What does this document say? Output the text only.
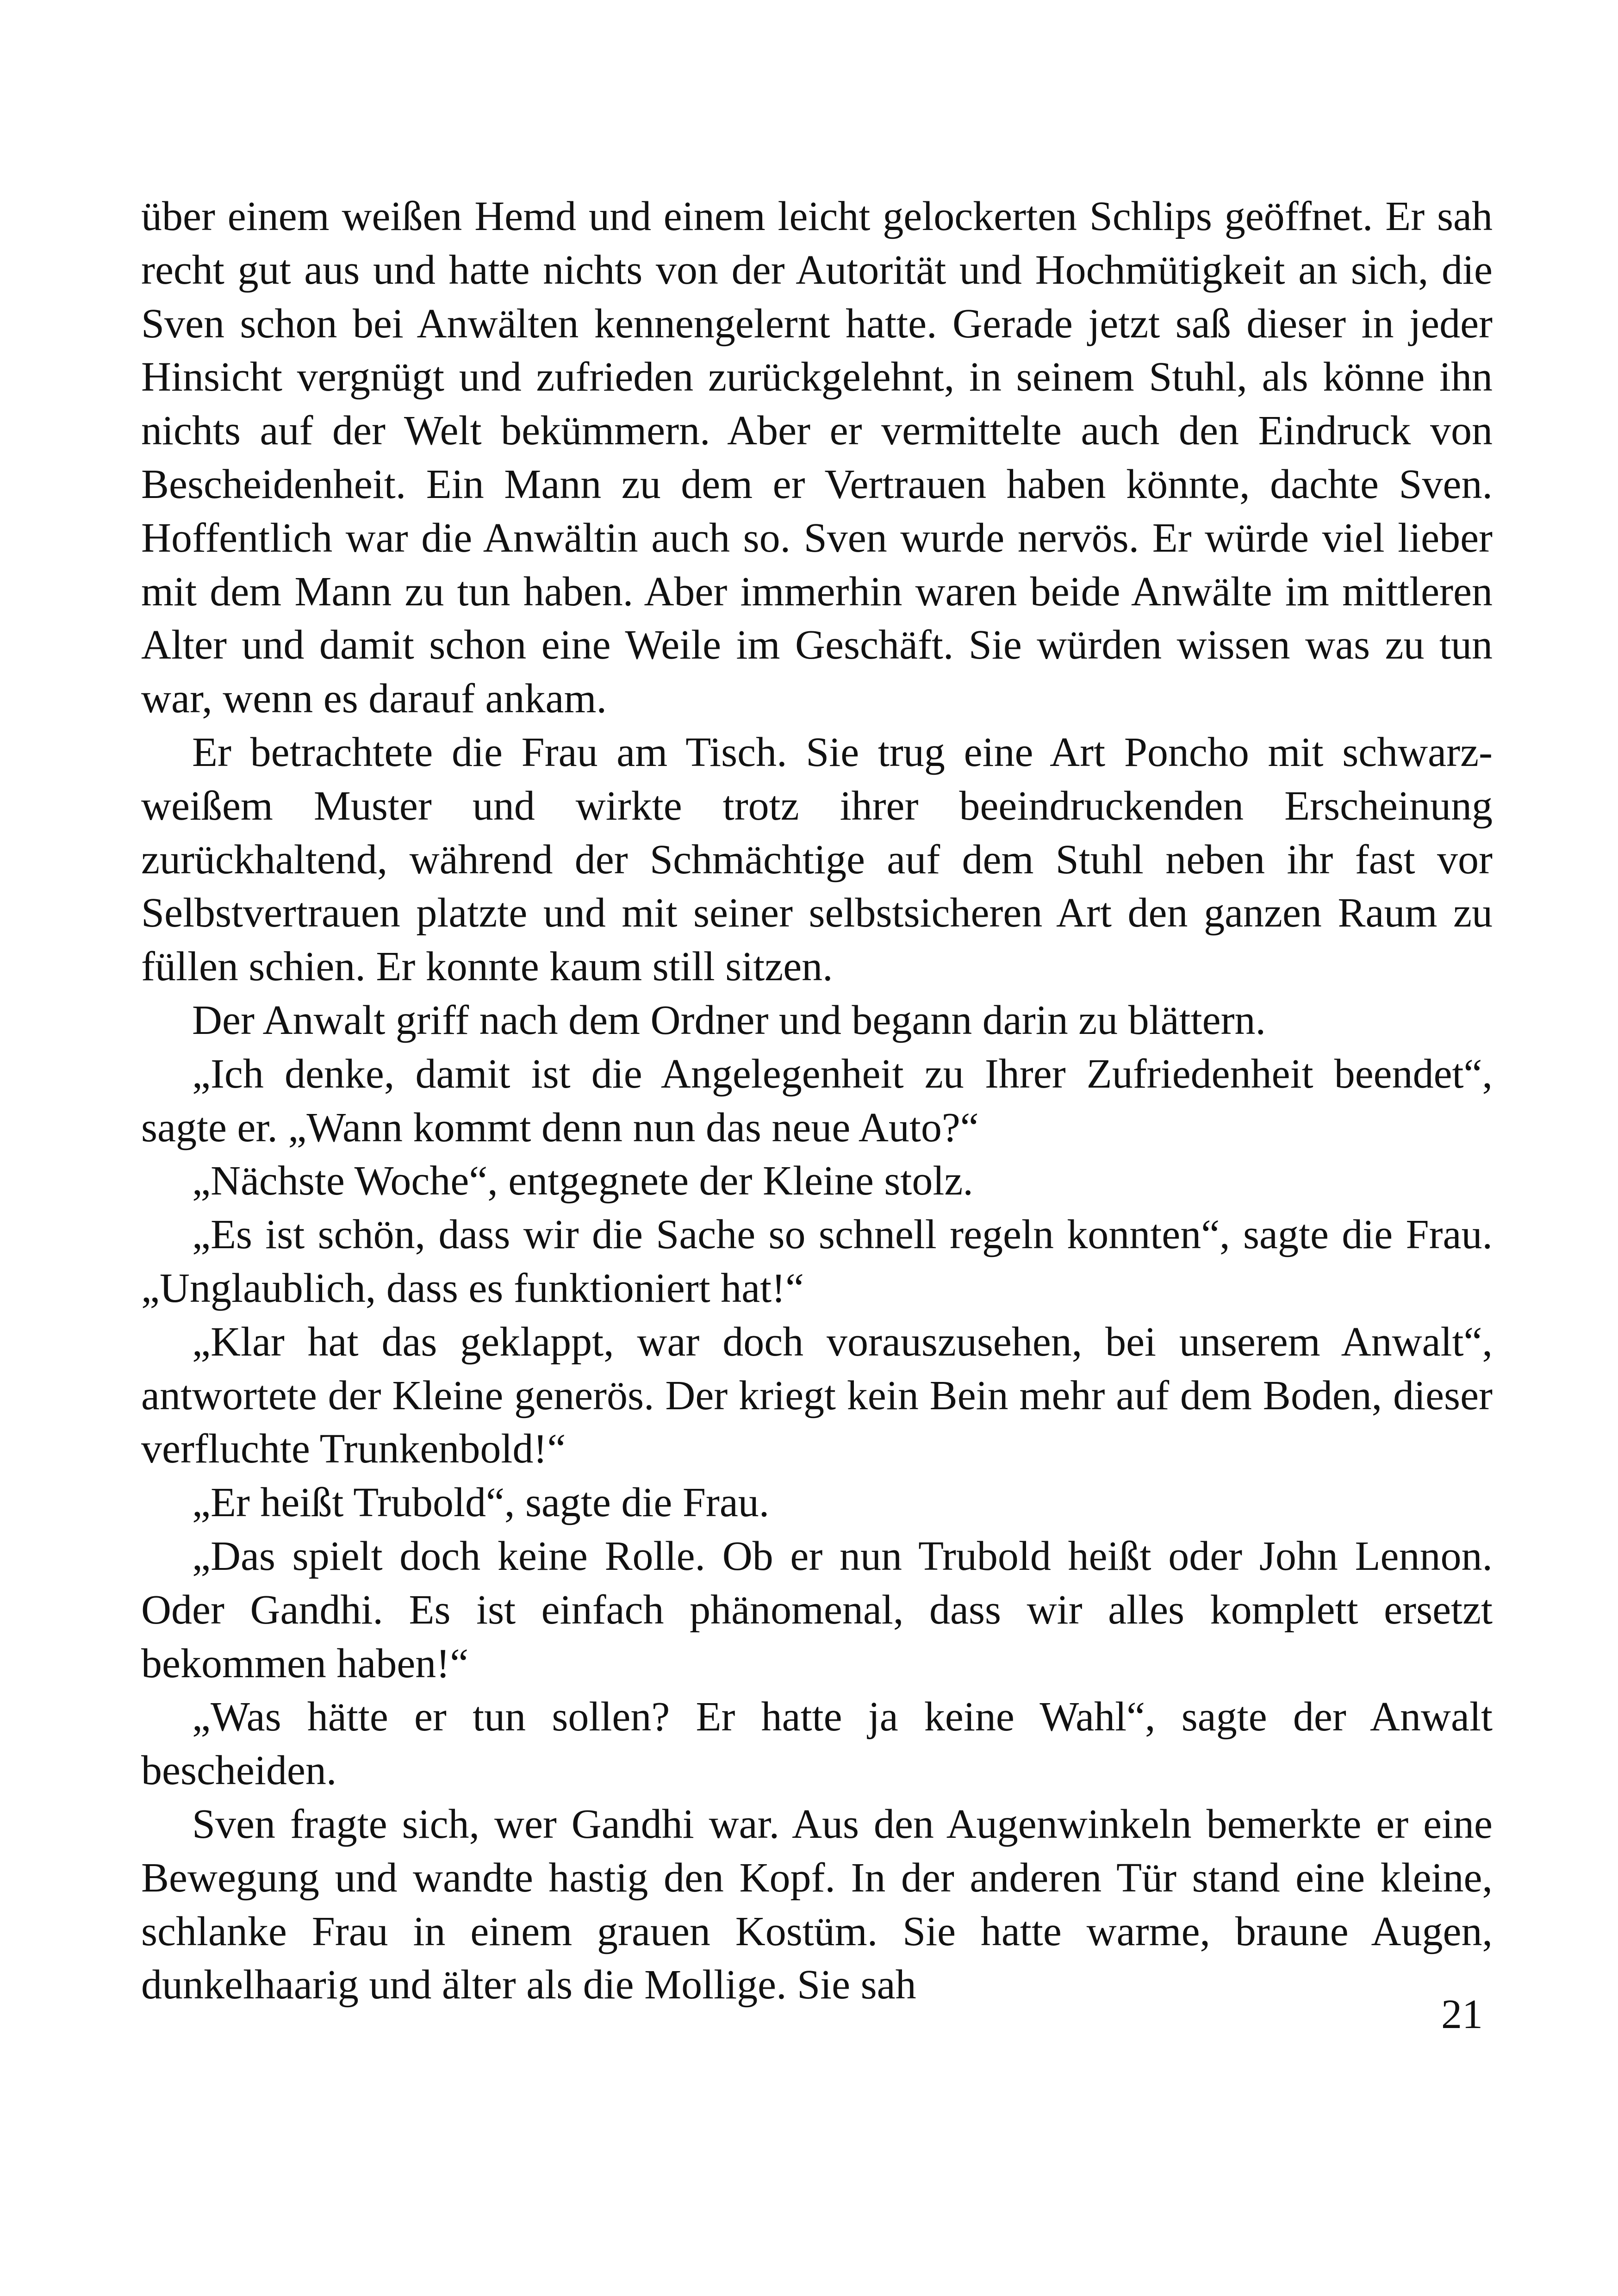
über einem weißen Hemd und einem leicht gelockerten Schlips geöffnet. Er sah recht gut aus und hatte nichts von der Autorität und Hochmütigkeit an sich, die Sven schon bei Anwälten kennengelernt hatte. Gerade jetzt saß dieser in jeder Hinsicht vergnügt und zufrieden zurückgelehnt, in seinem Stuhl, als könne ihn nichts auf der Welt bekümmern. Aber er vermittelte auch den Eindruck von Bescheidenheit. Ein Mann zu dem er Vertrauen haben könnte, dachte Sven. Hoffentlich war die Anwältin auch so. Sven wurde nervös. Er würde viel lieber mit dem Mann zu tun haben. Aber immerhin waren beide Anwälte im mittleren Alter und damit schon eine Weile im Geschäft. Sie würden wissen was zu tun war, wenn es darauf ankam.

Er betrachtete die Frau am Tisch. Sie trug eine Art Poncho mit schwarz- weißem Muster und wirkte trotz ihrer beeindruckenden Erscheinung zurückhaltend, während der Schmächtige auf dem Stuhl neben ihr fast vor Selbstvertrauen platzte und mit seiner selbstsicheren Art den ganzen Raum zu füllen schien. Er konnte kaum still sitzen.

Der Anwalt griff nach dem Ordner und begann darin zu blättern.

„Ich denke, damit ist die Angelegenheit zu Ihrer Zufriedenheit beendet“, sagte er. „Wann kommt denn nun das neue Auto?“

„Nächste Woche“, entgegnete der Kleine stolz.

„Es ist schön, dass wir die Sache so schnell regeln konnten“, sagte die Frau. „Unglaublich, dass es funktioniert hat!“

„Klar hat das geklappt, war doch vorauszusehen, bei unserem Anwalt“, antwortete der Kleine generös. Der kriegt kein Bein mehr auf dem Boden, dieser verfluchte Trunkenbold!“

„Er heißt Trubold“, sagte die Frau.

„Das spielt doch keine Rolle. Ob er nun Trubold heißt oder John Lennon. Oder Gandhi. Es ist einfach phänomenal, dass wir alles komplett ersetzt bekommen haben!“

„Was hätte er tun sollen? Er hatte ja keine Wahl“, sagte der Anwalt bescheiden.

Sven fragte sich, wer Gandhi war. Aus den Augenwinkeln bemerkte er eine Bewegung und wandte hastig den Kopf. In der anderen Tür stand eine kleine, schlanke Frau in einem grauen Kostüm. Sie hatte warme, braune Augen, dunkelhaarig und älter als die Mollige. Sie sah

21
